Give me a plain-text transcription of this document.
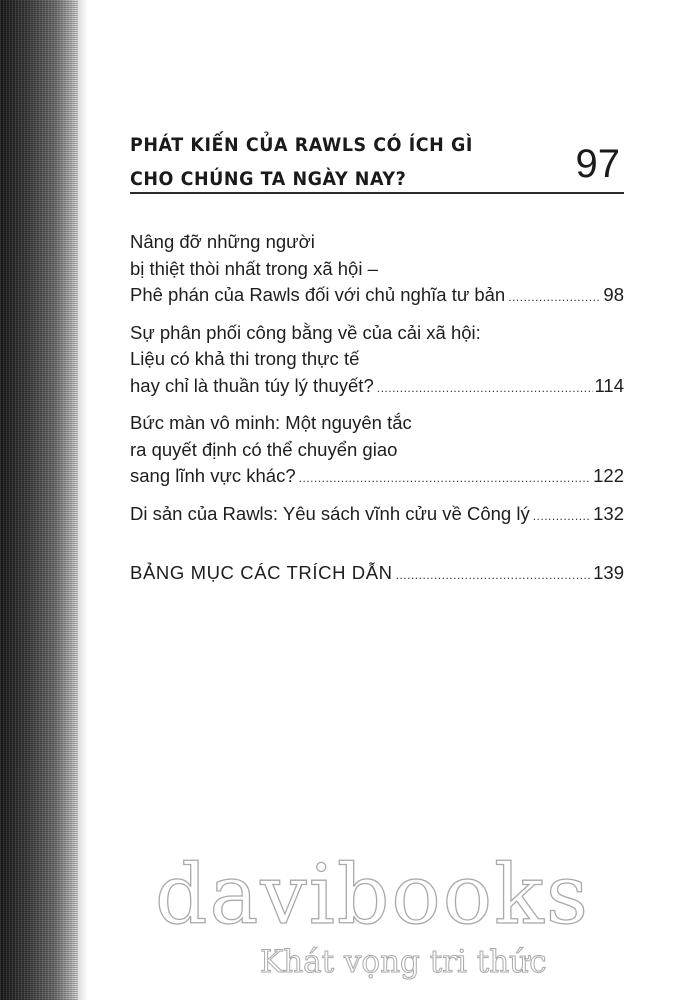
PHÁT KIẾN CỦA RAWLS CÓ ÍCH GÌ
CHO CHÚNG TA NGÀY NAY?	97
Nâng đỡ những người
bị thiệt thòi nhất trong xã hội –
Phê phán của Rawls đối với chủ nghĩa tư bản .....	98
Sự phân phối công bằng về của cải xã hội:
Liệu có khả thi trong thực tế
hay chỉ là thuần túy lý thuyết? .....	114
Bức màn vô minh: Một nguyên tắc
ra quyết định có thể chuyển giao
sang lĩnh vực khác? .....	122
Di sản của Rawls: Yêu sách vĩnh cửu về Công lý .....	132
BẢNG MỤC CÁC TRÍCH DẪN .....	139
davibooks
Khát vọng tri thức
